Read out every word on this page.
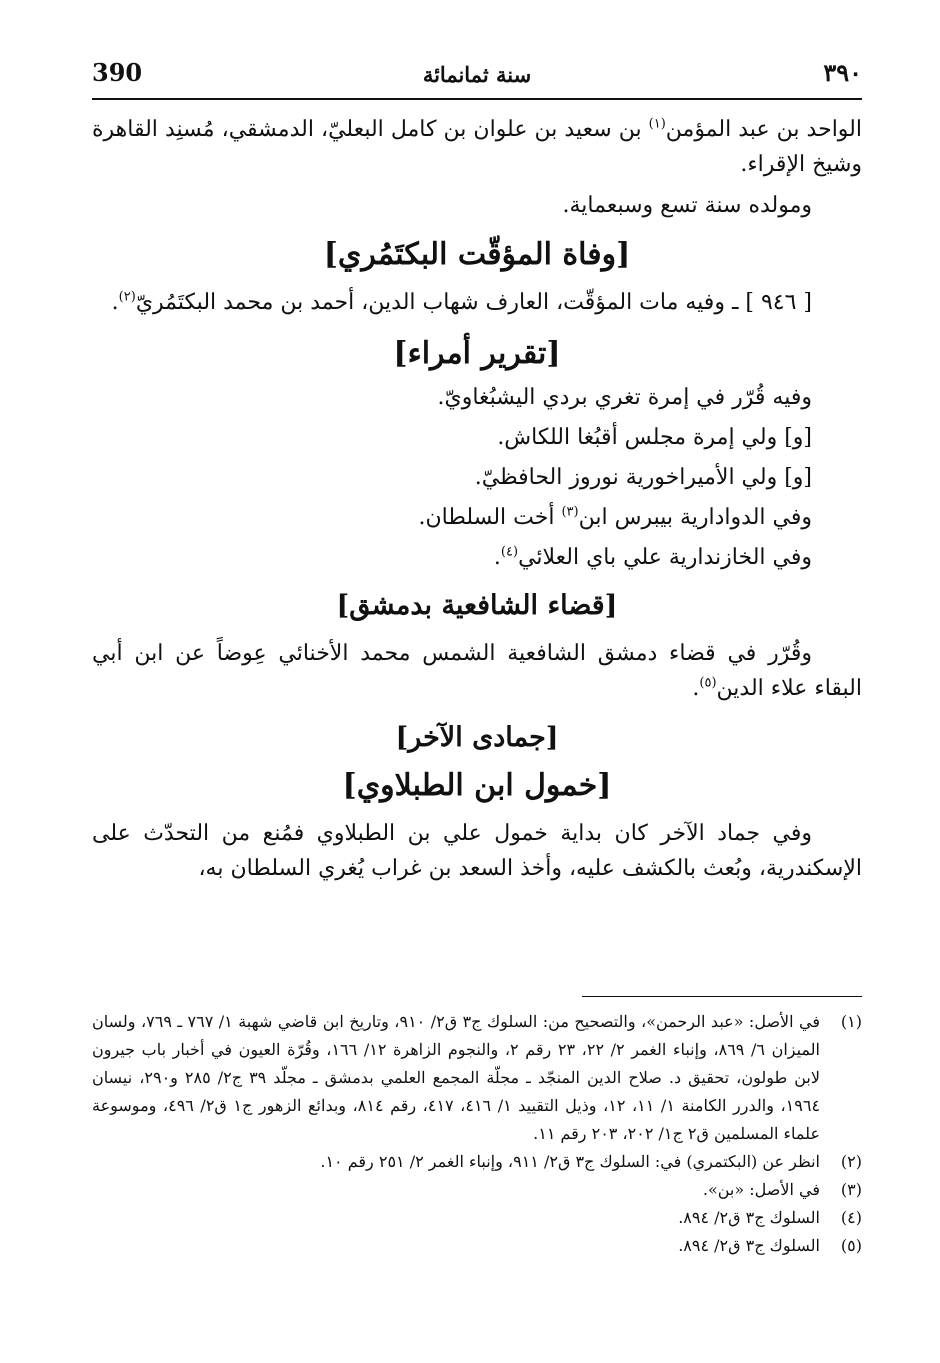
390	سنة ثمانمائة	٣٩٠

الواحد بن عبد المؤمن$^{(١)}$ بن سعيد بن علوان بن كامل البعليّ، الدمشقي، مُسنِد القاهرة وشيخ الإقراء.

ومولده سنة تسع وسبعماية.

[وفاة المؤقّت البكتَمُري]

[ ٩٤٦ ] ـ وفيه مات المؤقّت، العارف شهاب الدين، أحمد بن محمد البكتَمُريّ$^{(٢)}$.

[تقرير أمراء]

وفيه قُرّر في إمرة تغري بردي اليشبُغاويّ.

[و] ولي إمرة مجلس أقبُغا اللكاش.

[و] ولي الأميراخورية نوروز الحافظيّ.

وفي الدوادارية بيبرس ابن$^{(٣)}$ أخت السلطان.

وفي الخازندارية علي باي العلائي$^{(٤)}$.

[قضاء الشافعية بدمشق]

وقُرّر في قضاء دمشق الشافعية الشمس محمد الأخنائي عِوضاً عن ابن أبي البقاء علاء الدين$^{(٥)}$.

[جمادى الآخر]
[خمول ابن الطبلاوي]

وفي جماد الآخر كان بداية خمول علي بن الطبلاوي فمُنع من التحدّث على الإسكندرية، وبُعث بالكشف عليه، وأخذ السعد بن غراب يُغري السلطان به،

(١)
في الأصل: «عبد الرحمن»، والتصحيح من: السلوك ج٣ ق٢/ ٩١٠، وتاريخ ابن قاضي شهبة ١/ ٧٦٧ ـ ٧٦٩، ولسان الميزان ٦/ ٨٦٩، وإنباء الغمر ٢/ ٢٢، ٢٣ رقم ٢، والنجوم الزاهرة ١٢/ ١٦٦، وقُرّة العيون في أخبار باب جيرون لابن طولون، تحقيق د. صلاح الدين المنجّد ـ مجلّة المجمع العلمي بدمشق ـ مجلّد ٣٩ ج٢/ ٢٨٥ و٢٩٠، نيسان ١٩٦٤، والدرر الكامنة ١/ ١١، ١٢، وذيل التقييد ١/ ٤١٦، ٤١٧، رقم ٨١٤، وبدائع الزهور ج١ ق٢/ ٤٩٦، وموسوعة علماء المسلمين ق٢ ج١/ ٢٠٢، ٢٠٣ رقم ١١.
(٢)
انظر عن (البكتمري) في: السلوك ج٣ ق٢/ ٩١١، وإنباء الغمر ٢/ ٢٥١ رقم ١٠.
(٣)
في الأصل: «بن».
(٤)
السلوك ج٣ ق٢/ ٨٩٤.
(٥)
السلوك ج٣ ق٢/ ٨٩٤.
